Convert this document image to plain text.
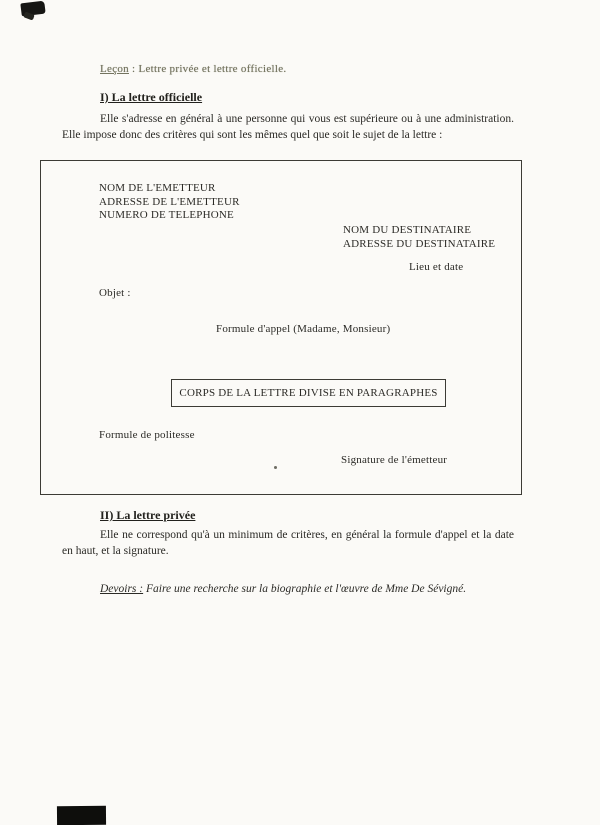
Leçon : Lettre privée et lettre officielle.
I) La lettre officielle
Elle s'adresse en général à une personne qui vous est supérieure ou à une administration. Elle impose donc des critères qui sont les mêmes quel que soit le sujet de la lettre :
NOM DE L'EMETTEUR
ADRESSE DE L'EMETTEUR
NUMERO DE TELEPHONE
NOM DU DESTINATAIRE
ADRESSE DU DESTINATAIRE
Lieu et date
Objet :
Formule d'appel (Madame, Monsieur)
CORPS DE LA LETTRE DIVISE EN PARAGRAPHES
Formule de politesse
Signature de l'émetteur
II) La lettre privée
Elle ne correspond qu'à un minimum de critères, en général la formule d'appel et la date en haut, et la signature.
Devoirs : Faire une recherche sur la biographie et l'œuvre de Mme De Sévigné.
